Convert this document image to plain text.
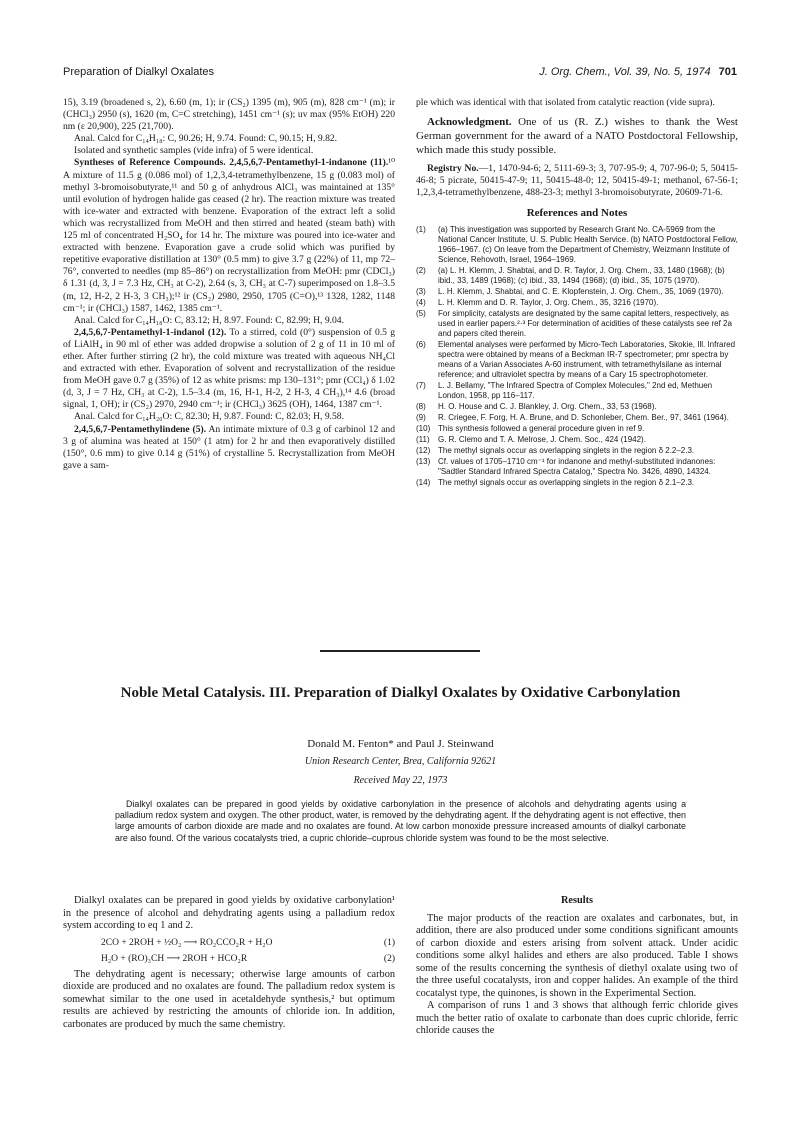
Preparation of Dialkyl Oxalates	J. Org. Chem., Vol. 39, No. 5, 1974 701

15), 3.19 (broadened s, 2), 6.60 (m, 1); ir (CS₂) 1395 (m), 905 (m), 828 cm⁻¹ (m); ir (CHCl₃) 2950 (s), 1620 (m, C=C stretching), 1451 cm⁻¹ (s); uv max (95% EtOH) 220 nm (ε 20,900), 225 (21,700).

Anal. Calcd for C₁₄H₁₈: C, 90.26; H, 9.74. Found: C, 90.15; H, 9.82.

Isolated and synthetic samples (vide infra) of 5 were identical.

Syntheses of Reference Compounds. 2,4,5,6,7-Pentamethyl-1-indanone (11).¹⁰ A mixture of 11.5 g (0.086 mol) of 1,2,3,4-tetramethylbenzene, 15 g (0.083 mol) of methyl 3-bromoisobutyrate,¹¹ and 50 g of anhydrous AlCl₃ was maintained at 135° until evolution of hydrogen halide gas ceased (2 hr). The reaction mixture was treated with ice-water and extracted with benzene. Evaporation of the extract left a solid which was recrystallized from MeOH and then stirred and heated (steam bath) with 125 ml of concentrated H₂SO₄ for 14 hr. The mixture was poured into ice-water and extracted with benzene. Evaporation gave a crude solid which was purified by repetitive evaporative distillation at 130° (0.5 mm) to give 3.7 g (22%) of 11, mp 72–76°, converted to needles (mp 85–86°) on recrystallization from MeOH: pmr (CDCl₃) δ 1.31 (d, 3, J = 7.3 Hz, CH₃ at C-2), 2.64 (s, 3, CH₃ at C-7) superimposed on 1.8–3.5 (m, 12, H-2, 2 H-3, 3 CH₃);¹² ir (CS₂) 2980, 2950, 1705 (C=O),¹³ 1328, 1282, 1148 cm⁻¹; ir (CHCl₃) 1587, 1462, 1385 cm⁻¹.

Anal. Calcd for C₁₄H₁₈O: C, 83.12; H, 8.97. Found: C, 82.99; H, 9.04.

2,4,5,6,7-Pentamethyl-1-indanol (12). To a stirred, cold (0°) suspension of 0.5 g of LiAlH₄ in 90 ml of ether was added dropwise a solution of 2 g of 11 in 10 ml of ether. After further stirring (2 hr), the cold mixture was treated with aqueous NH₄Cl and extracted with ether. Evaporation of solvent and recrystallization of the residue from MeOH gave 0.7 g (35%) of 12 as white prisms: mp 130–131°; pmr (CCl₄) δ 1.02 (d, 3, J = 7 Hz, CH₃ at C-2), 1.5–3.4 (m, 16, H-1, H-2, 2 H-3, 4 CH₃),¹⁴ 4.6 (broad signal, 1, OH); ir (CS₂) 2970, 2940 cm⁻¹; ir (CHCl₃) 3625 (OH), 1464, 1387 cm⁻¹.

Anal. Calcd for C₁₄H₂₀O: C, 82.30; H, 9.87. Found: C, 82.03; H, 9.58.

2,4,5,6,7-Pentamethylindene (5). An intimate mixture of 0.3 g of carbinol 12 and 3 g of alumina was heated at 150° (1 atm) for 2 hr and then evaporatively distilled (150°, 0.6 mm) to give 0.14 g (51%) of crystalline 5. Recrystallization from MeOH gave a sam-

ple which was identical with that isolated from catalytic reaction (vide supra).

Acknowledgment. One of us (R. Z.) wishes to thank the West German government for the award of a NATO Postdoctoral Fellowship, which made this study possible.

Registry No.—1, 1470-94-6; 2, 5111-69-3; 3, 707-95-9; 4, 707-96-0; 5, 50415-46-8; 5 picrate, 50415-47-9; 11, 50415-48-0; 12, 50415-49-1; methanol, 67-56-1; 1,2,3,4-tetramethylbenzene, 488-23-3; methyl 3-bromoisobutyrate, 20609-71-6.

References and Notes
(1)	(a) This investigation was supported by Research Grant No. CA-5969 from the National Cancer Institute, U. S. Public Health Service. (b) NATO Postdoctoral Fellow, 1966–1967. (c) On leave from the Department of Chemistry, Weizmann Institute of Science, Rehovoth, Israel, 1964–1969.
(2)	(a) L. H. Klemm, J. Shabtai, and D. R. Taylor, J. Org. Chem., 33, 1480 (1968); (b) ibid., 33, 1489 (1968); (c) ibid., 33, 1494 (1968); (d) ibid., 35, 1075 (1970).
(3)	L. H. Klemm, J. Shabtai, and C. E. Klopfenstein, J. Org. Chem., 35, 1069 (1970).
(4)	L. H. Klemm and D. R. Taylor, J. Org. Chem., 35, 3216 (1970).
(5)	For simplicity, catalysts are designated by the same capital letters, respectively, as used in earlier papers.²·³ For determination of acidities of these catalysts see ref 2a and papers cited therein.
(6)	Elemental analyses were performed by Micro-Tech Laboratories, Skokie, Ill. Infrared spectra were obtained by means of a Beckman IR-7 spectrometer; pmr spectra by means of a Varian Associates A-60 instrument, with tetramethylsilane as internal reference; and ultraviolet spectra by means of a Cary 15 spectrophotometer.
(7)	L. J. Bellamy, "The Infrared Spectra of Complex Molecules," 2nd ed, Methuen London, 1958, pp 116–117.
(8)	H. O. House and C. J. Blankley, J. Org. Chem., 33, 53 (1968).
(9)	R. Criegee, F. Forg, H. A. Brune, and D. Schonleber, Chem. Ber., 97, 3461 (1964).
(10) This synthesis followed a general procedure given in ref 9.
(11)	G. R. Clemo and T. A. Melrose, J. Chem. Soc., 424 (1942).
(12) The methyl signals occur as overlapping singlets in the region δ 2.2–2.3.
(13) Cf. values of 1705–1710 cm⁻¹ for indanone and methyl-substituted indanones: "Sadtler Standard Infrared Spectra Catalog," Spectra No. 3426, 4890, 14324.
(14) The methyl signals occur as overlapping singlets in the region δ 2.1–2.3.
Noble Metal Catalysis. III. Preparation of Dialkyl Oxalates by Oxidative Carbonylation
Donald M. Fenton* and Paul J. Steinwand
Union Research Center, Brea, California 92621
Received May 22, 1973
Dialkyl oxalates can be prepared in good yields by oxidative carbonylation in the presence of alcohols and dehydrating agents using a palladium redox system and oxygen. The other product, water, is removed by the dehydrating agent. If the dehydrating agent is not effective, then large amounts of carbon dioxide are made and no oxalates are found. At low carbon monoxide pressure increased amounts of dialkyl carbonate are also found. Of the various cocatalysts tried, a cupric chloride–cuprous chloride system was found to be the most selective.

Dialkyl oxalates can be prepared in good yields by oxidative carbonylation¹ in the presence of alcohol and dehydrating agents using a palladium redox system according to eq 1 and 2.

2CO + 2ROH + ½O₂ ⟶ RO₂CCO₂R + H₂O	(1)
H₂O + (RO)₃CH ⟶ 2ROH + HCO₂R	(2)

The dehydrating agent is necessary; otherwise large amounts of carbon dioxide are produced and no oxalates are found. The palladium redox system is somewhat similar to the one used in acetaldehyde synthesis,² but optimum results are achieved by restricting the amounts of chloride ion. In addition, carbonates are produced by much the same chemistry.

Results

The major products of the reaction are oxalates and carbonates, but, in addition, there are also produced under some conditions significant amounts of carbon dioxide and esters arising from solvent attack. Under acidic conditions some alkyl halides and ethers are also produced. Table I shows some of the results concerning the synthesis of diethyl oxalate using two of the three useful cocatalysts, iron and copper halides. An example of the third cocatalyst type, the quinones, is shown in the Experimental Section.

A comparison of runs 1 and 3 shows that although ferric chloride gives much the better ratio of oxalate to carbonate than does cupric chloride, ferric chloride causes the
